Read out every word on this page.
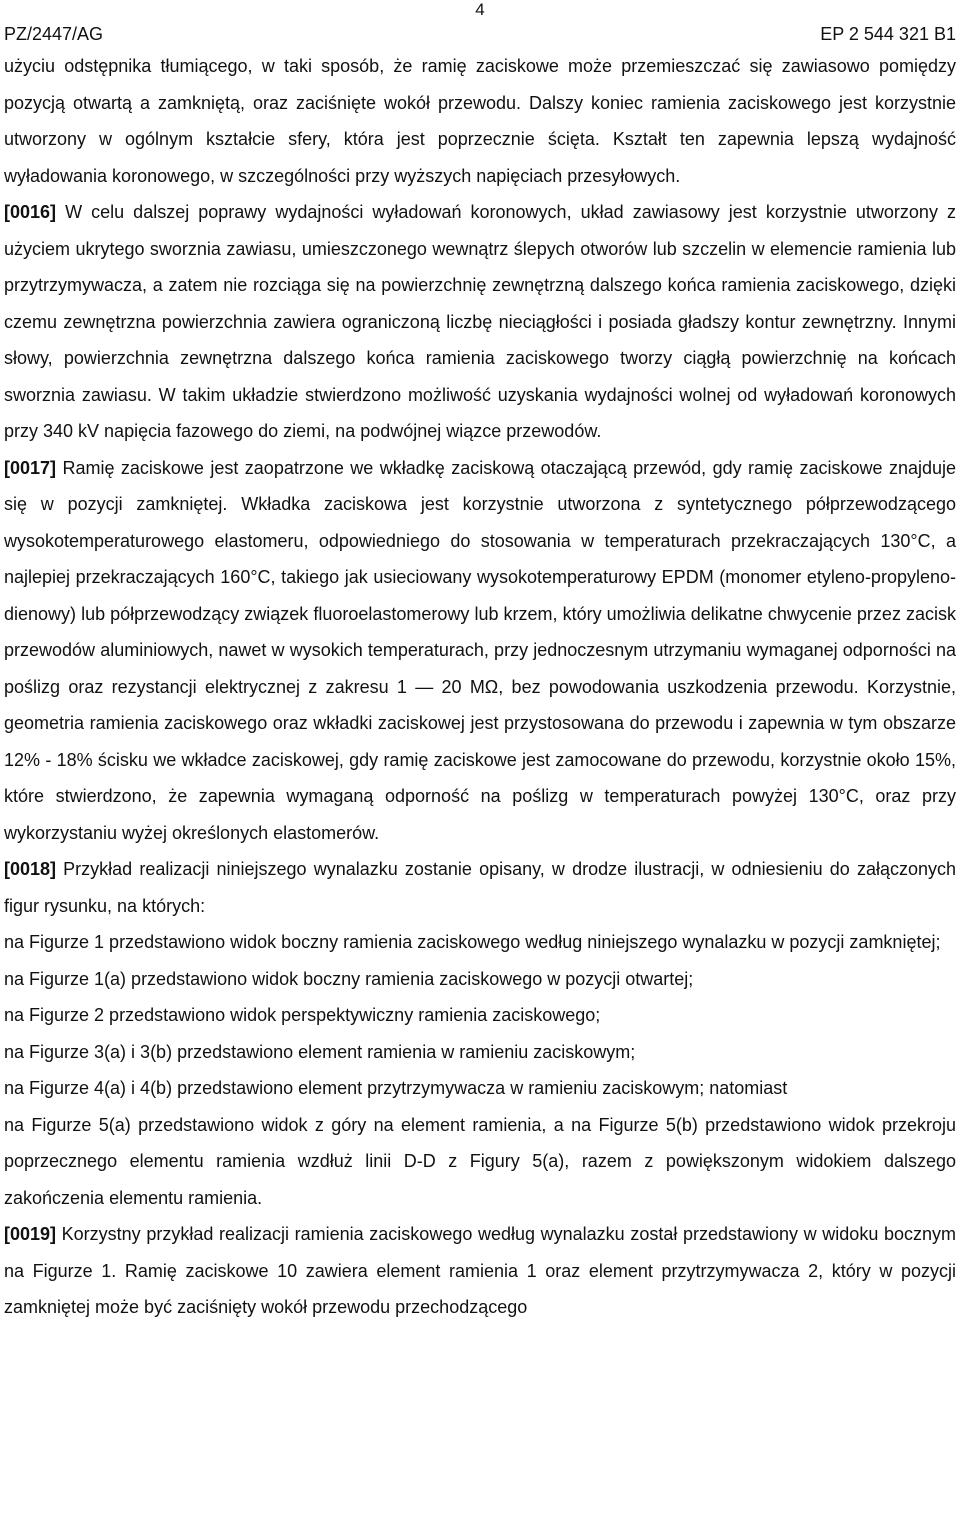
4
PZ/2447/AG	EP 2 544 321 B1

użyciu odstępnika tłumiącego, w taki sposób, że ramię zaciskowe może przemieszczać się zawiasowo pomiędzy pozycją otwartą a zamkniętą, oraz zaciśnięte wokół przewodu. Dalszy koniec ramienia zaciskowego jest korzystnie utworzony w ogólnym kształcie sfery, która jest poprzecznie ścięta. Kształt ten zapewnia lepszą wydajność wyładowania koronowego, w szczególności przy wyższych napięciach przesyłowych.

[0016] W celu dalszej poprawy wydajności wyładowań koronowych, układ zawiasowy jest korzystnie utworzony z użyciem ukrytego sworznia zawiasu, umieszczonego wewnątrz ślepych otworów lub szczelin w elemencie ramienia lub przytrzymywacza, a zatem nie rozciąga się na powierzchnię zewnętrzną dalszego końca ramienia zaciskowego, dzięki czemu zewnętrzna powierzchnia zawiera ograniczoną liczbę nieciągłości i posiada gładszy kontur zewnętrzny. Innymi słowy, powierzchnia zewnętrzna dalszego końca ramienia zaciskowego tworzy ciągłą powierzchnię na końcach sworznia zawiasu. W takim układzie stwierdzono możliwość uzyskania wydajności wolnej od wyładowań koronowych przy 340 kV napięcia fazowego do ziemi, na podwójnej wiązce przewodów.

[0017] Ramię zaciskowe jest zaopatrzone we wkładkę zaciskową otaczającą przewód, gdy ramię zaciskowe znajduje się w pozycji zamkniętej. Wkładka zaciskowa jest korzystnie utworzona z syntetycznego półprzewodzącego wysokotemperaturowego elastomeru, odpowiedniego do stosowania w temperaturach przekraczających 130°C, a najlepiej przekraczających 160°C, takiego jak usieciowany wysokotemperaturowy EPDM (monomer etyleno-propyleno-dienowy) lub półprzewodzący związek fluoroelastomerowy lub krzem, który umożliwia delikatne chwycenie przez zacisk przewodów aluminiowych, nawet w wysokich temperaturach, przy jednoczesnym utrzymaniu wymaganej odporności na poślizg oraz rezystancji elektrycznej z zakresu 1 — 20 MΩ, bez powodowania uszkodzenia przewodu. Korzystnie, geometria ramienia zaciskowego oraz wkładki zaciskowej jest przystosowana do przewodu i zapewnia w tym obszarze 12% - 18% ścisku we wkładce zaciskowej, gdy ramię zaciskowe jest zamocowane do przewodu, korzystnie około 15%, które stwierdzono, że zapewnia wymaganą odporność na poślizg w temperaturach powyżej 130°C, oraz przy wykorzystaniu wyżej określonych elastomerów.

[0018] Przykład realizacji niniejszego wynalazku zostanie opisany, w drodze ilustracji, w odniesieniu do załączonych figur rysunku, na których:

na Figurze 1 przedstawiono widok boczny ramienia zaciskowego według niniejszego wynalazku w pozycji zamkniętej;

na Figurze 1(a) przedstawiono widok boczny ramienia zaciskowego w pozycji otwartej;

na Figurze 2 przedstawiono widok perspektywiczny ramienia zaciskowego;

na Figurze 3(a) i 3(b) przedstawiono element ramienia w ramieniu zaciskowym;

na Figurze 4(a) i 4(b) przedstawiono element przytrzymywacza w ramieniu zaciskowym; natomiast

na Figurze 5(a) przedstawiono widok z góry na element ramienia, a na Figurze 5(b) przedstawiono widok przekroju poprzecznego elementu ramienia wzdłuż linii D-D z Figury 5(a), razem z powiększonym widokiem dalszego zakończenia elementu ramienia.

[0019] Korzystny przykład realizacji ramienia zaciskowego według wynalazku został przedstawiony w widoku bocznym na Figurze 1. Ramię zaciskowe 10 zawiera element ramienia 1 oraz element przytrzymywacza 2, który w pozycji zamkniętej może być zaciśnięty wokół przewodu przechodzącego
